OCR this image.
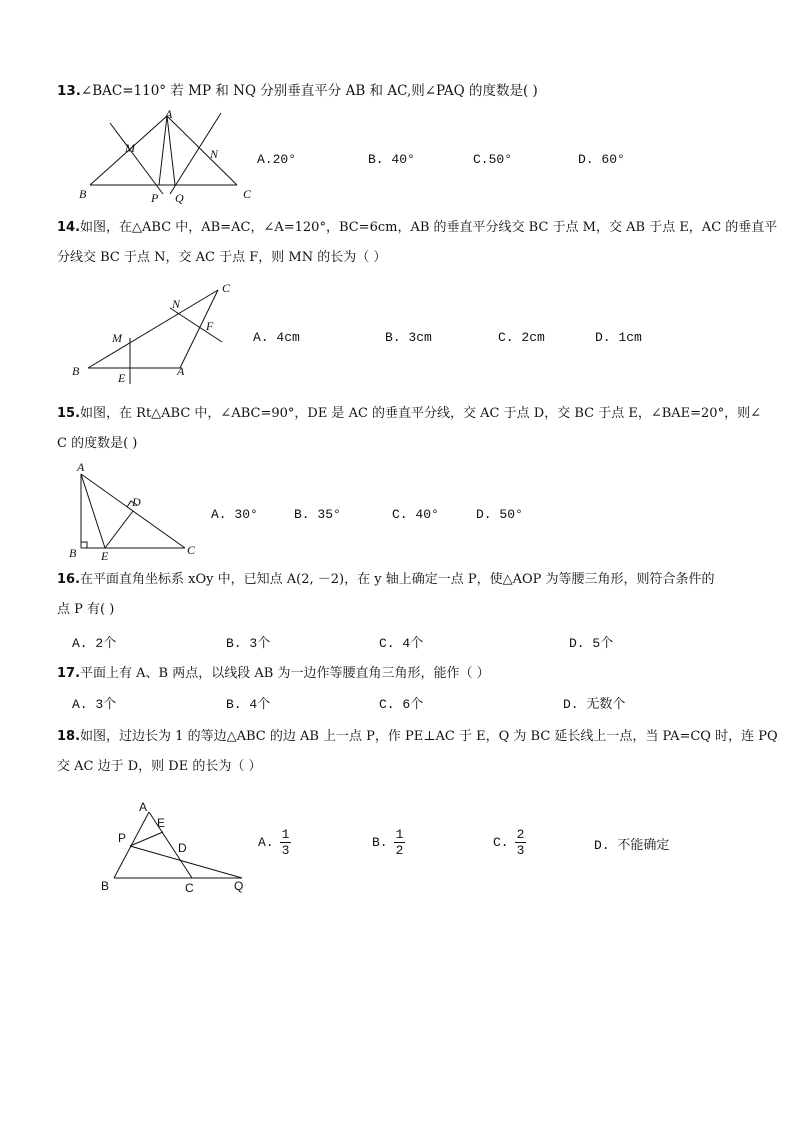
13.∠BAC=110° 若 MP 和 NQ 分别垂直平分 AB 和 AC,则∠PAQ 的度数是( )
A
M	N
B	P Q	C
A.20°	B. 40°	C.50°	D. 60°
14.如图，在△ABC 中，AB=AC，∠A=120°，BC=6cm，AB 的垂直平分线交 BC 于点 M，交 AB 于点 E，AC 的垂直平
分线交 BC 于点 N，交 AC 于点 F，则 MN 的长为（ ）
C
N
F
M
B	E	A
A. 4cm	B. 3cm	C. 2cm	D. 1cm
15.如图，在 Rt△ABC 中，∠ABC=90°，DE 是 AC 的垂直平分线，交 AC 于点 D，交 BC 于点 E，∠BAE=20°，则∠
C 的度数是( )
A
D
B E	C
A. 30°	B. 35°	C. 40°	D. 50°
16.在平面直角坐标系 xOy 中，已知点 A(2, －2)，在 y 轴上确定一点 P，使△AOP 为等腰三角形，则符合条件的
点 P 有( )
A. 2个	B. 3个	C. 4个	D. 5个
17.平面上有 A、B 两点，以线段 AB 为一边作等腰直角三角形，能作（ ）
A. 3个	B. 4个	C. 6个	D. 无数个
18.如图，过边长为 1 的等边△ABC 的边 AB 上一点 P，作 PE⊥AC 于 E，Q 为 BC 延长线上一点，当 PA=CQ 时，连 PQ
交 AC 边于 D，则 DE 的长为（ ）
A
E
P
D
B	C	Q
A. $\frac{1}{3}$	B. $\frac{1}{2}$	C. $\frac{2}{3}$	D. 不能确定
